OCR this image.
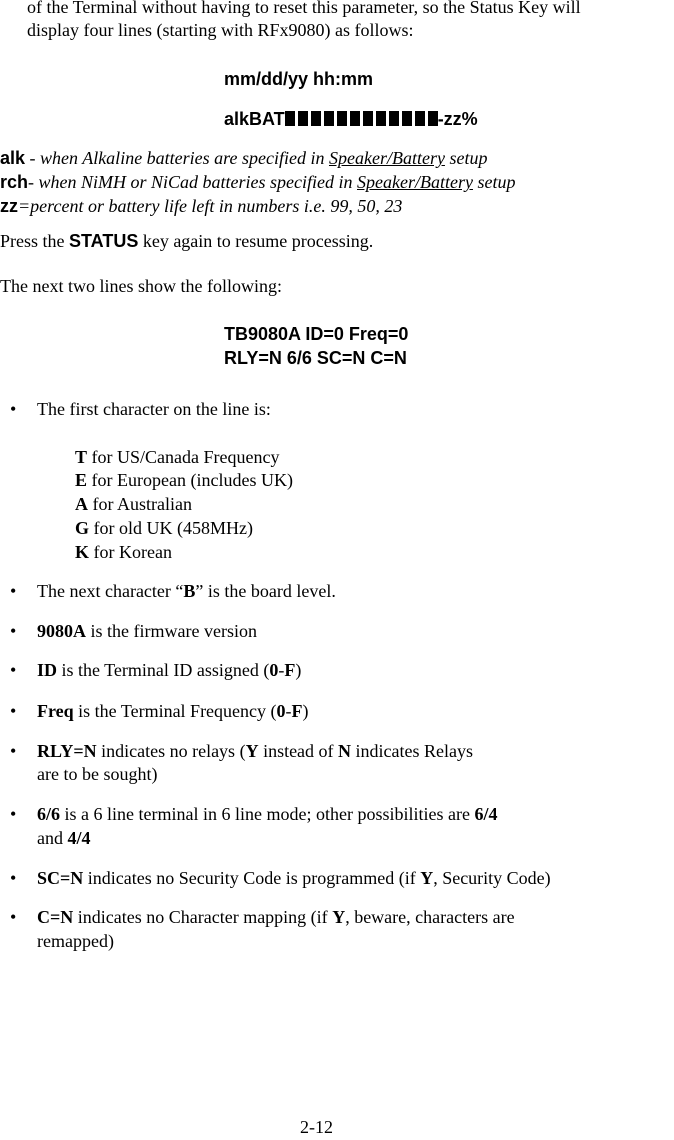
of the Terminal without having to reset this parameter, so the Status Key will
display four lines (starting with RFx9080) as follows:
mm/dd/yy hh:mm
alkBAT	-zz%
alk - when Alkaline batteries are specified in Speaker/Battery setup
rch- when NiMH or NiCad batteries specified in Speaker/Battery setup
zz=percent or battery life left in numbers i.e. 99, 50, 23
Press the STATUS key again to resume processing.
The next two lines show the following:
TB9080A ID=0 Freq=0
RLY=N 6/6 SC=N C=N
• The first character on the line is:
T for US/Canada Frequency
E for European (includes UK)
A for Australian
G for old UK (458MHz)
K for Korean
• The next character “B” is the board level.
• 9080A is the firmware version
• ID is the Terminal ID assigned (0-F)
• Freq is the Terminal Frequency (0-F)
• RLY=N indicates no relays (Y instead of N indicates Relays
are to be sought)
• 6/6 is a 6 line terminal in 6 line mode; other possibilities are 6/4
and 4/4
• SC=N indicates no Security Code is programmed (if Y, Security Code)
• C=N indicates no Character mapping (if Y, beware, characters are
remapped)
2-12
